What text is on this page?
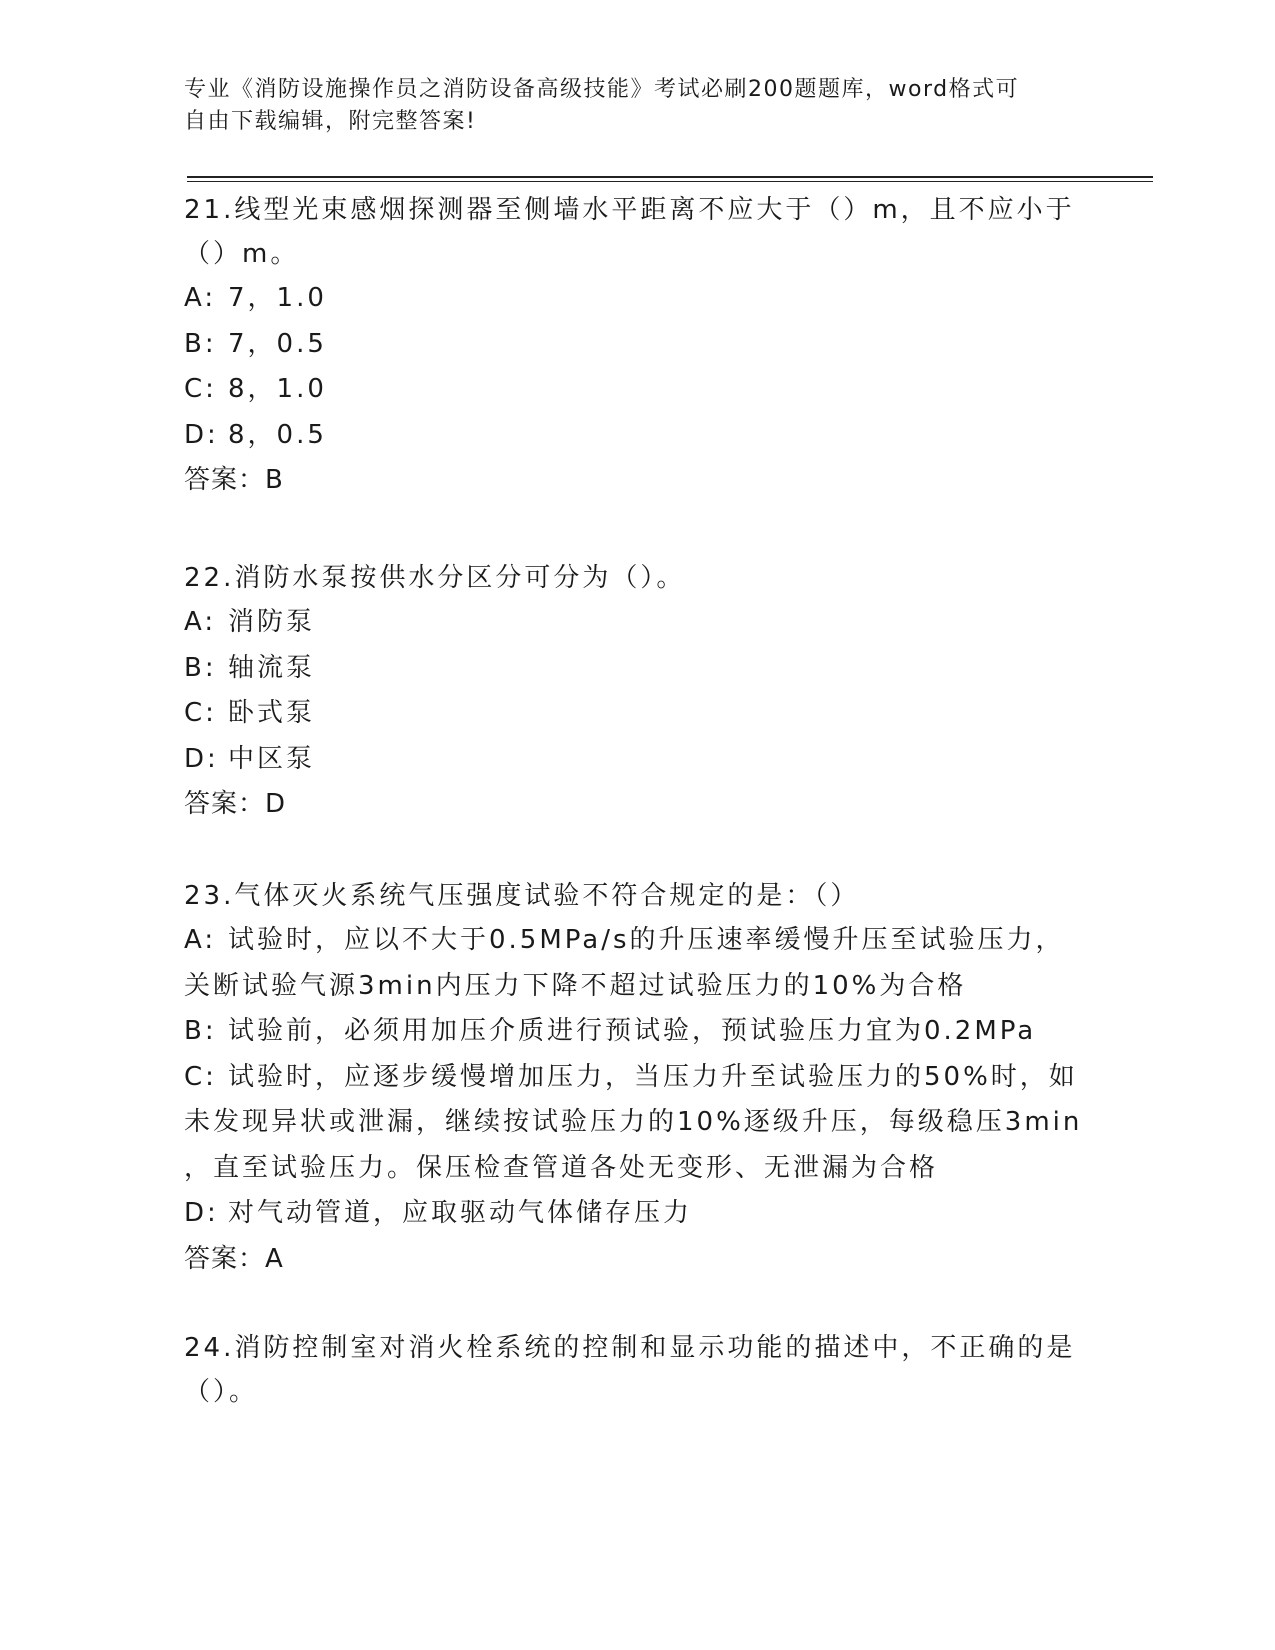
专业《消防设施操作员之消防设备高级技能》考试必刷200题题库，word格式可
自由下载编辑，附完整答案!

21.线型光束感烟探测器至侧墙水平距离不应大于（）m，且不应小于

（）m。

A: 7，1.0

B: 7，0.5

C: 8，1.0

D: 8，0.5

答案：B

22.消防水泵按供水分区分可分为（）。

A: 消防泵

B: 轴流泵

C: 卧式泵

D: 中区泵

答案：D

23.气体灭火系统气压强度试验不符合规定的是：（）

A: 试验时，应以不大于0.5MPa/s的升压速率缓慢升压至试验压力，

关断试验气源3min内压力下降不超过试验压力的10%为合格

B: 试验前，必须用加压介质进行预试验，预试验压力宜为0.2MPa

C: 试验时，应逐步缓慢增加压力，当压力升至试验压力的50%时，如

未发现异状或泄漏，继续按试验压力的10%逐级升压，每级稳压3min

，直至试验压力。保压检查管道各处无变形、无泄漏为合格

D: 对气动管道，应取驱动气体储存压力

答案：A

24.消防控制室对消火栓系统的控制和显示功能的描述中，不正确的是

（）。
